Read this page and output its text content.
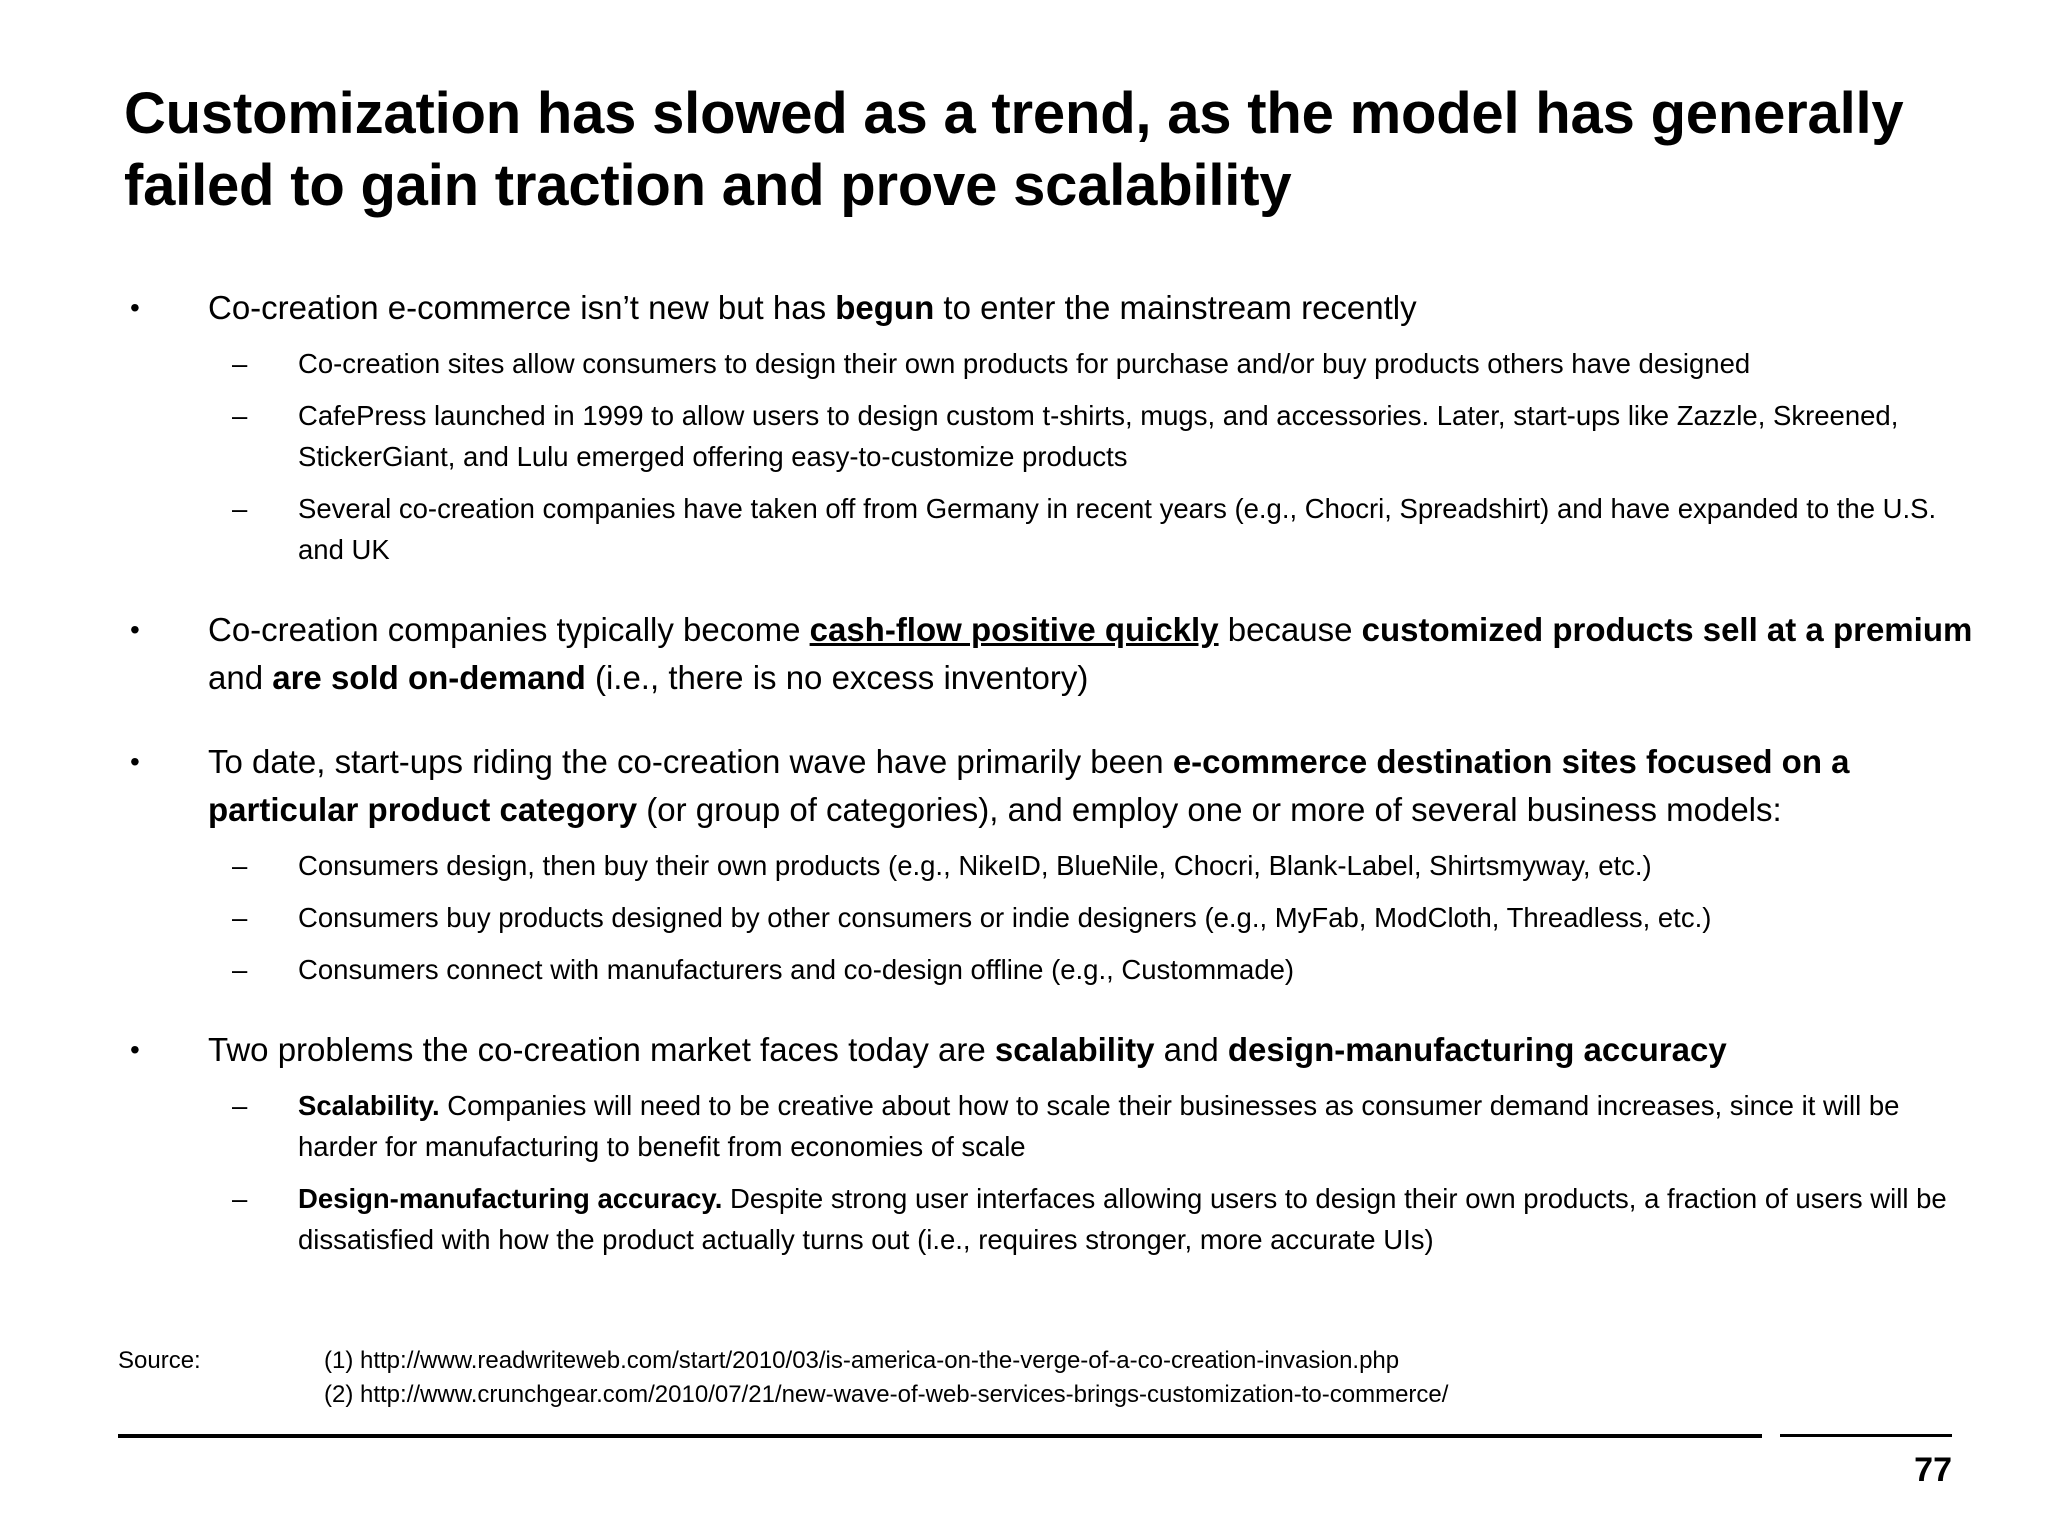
Customization has slowed as a trend, as the model has generally failed to gain traction and prove scalability
• Co-creation e-commerce isn’t new but has begun to enter the mainstream recently
– Co-creation sites allow consumers to design their own products for purchase and/or buy products others have designed
– CafePress launched in 1999 to allow users to design custom t-shirts, mugs, and accessories. Later, start-ups like Zazzle, Skreened, StickerGiant, and Lulu emerged offering easy-to-customize products
– Several co-creation companies have taken off from Germany in recent years (e.g., Chocri, Spreadshirt) and have expanded to the U.S. and UK
• Co-creation companies typically become cash-flow positive quickly because customized products sell at a premium and are sold on-demand (i.e., there is no excess inventory)
• To date, start-ups riding the co-creation wave have primarily been e-commerce destination sites focused on a particular product category (or group of categories), and employ one or more of several business models:
– Consumers design, then buy their own products (e.g., NikeID, BlueNile, Chocri, Blank-Label, Shirtsmyway, etc.)
– Consumers buy products designed by other consumers or indie designers (e.g., MyFab, ModCloth, Threadless, etc.)
– Consumers connect with manufacturers and co-design offline (e.g., Custommade)
• Two problems the co-creation market faces today are scalability and design-manufacturing accuracy
– Scalability. Companies will need to be creative about how to scale their businesses as consumer demand increases, since it will be harder for manufacturing to benefit from economies of scale
– Design-manufacturing accuracy. Despite strong user interfaces allowing users to design their own products, a fraction of users will be dissatisfied with how the product actually turns out (i.e., requires stronger, more accurate UIs)
Source:	(1) http://www.readwriteweb.com/start/2010/03/is-america-on-the-verge-of-a-co-creation-invasion.php
(2) http://www.crunchgear.com/2010/07/21/new-wave-of-web-services-brings-customization-to-commerce/
77
